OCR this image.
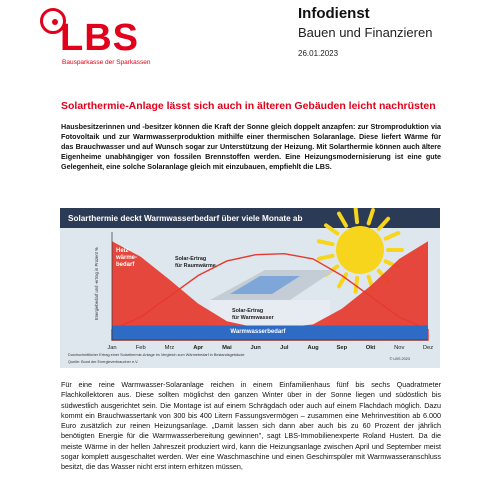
LBS
Bausparkasse der Sparkassen
Infodienst
Bauen und Finanzieren
26.01.2023
Solarthermie-Anlage lässt sich auch in älteren Gebäuden leicht nachrüsten
Hausbesitzerinnen und -besitzer können die Kraft der Sonne gleich doppelt anzapfen: zur Stromproduktion via Fotovoltaik und zur Warmwasserproduktion mithilfe einer thermischen Solaranlage. Diese liefert Wärme für das Brauchwasser und auf Wunsch sogar zur Unterstützung der Heizung. Mit Solarthermie können auch ältere Eigenheime unabhängiger von fossilen Brennstoffen werden. Eine Heizungsmodernisierung ist eine gute Gelegenheit, eine solche Solaranlage gleich mit einzubauen, empfiehlt die LBS.
Solarthermie deckt Warmwasserbedarf über viele Monate ab
Energiebedarf und -ertrag in Prozent %
Jan	Feb	Mrz	Apr	Mai	Jun	Jul	Aug	Sep	Okt	Nov	Dez
Heiz-wärme-bedarf
Solar-Ertrag für Raumwärme
Solar-Ertrag für Warmwasser
Warmwasserbedarf
Durchschnittlicher Ertrag einer Solarthermie-Anlage im Vergleich zum Wärmebedarf in Bestandsgebäude
Quelle: Bund der Energieverbraucher e.V.
© LBS 2023
Für eine reine Warmwasser-Solaranlage reichen in einem Einfamilienhaus fünf bis sechs Quadratmeter Flachkollektoren aus. Diese sollten möglichst den ganzen Winter über in der Sonne liegen und südöstlich bis südwestlich ausgerichtet sein. Die Montage ist auf einem Schrägdach oder auch auf einem Flachdach möglich. Dazu kommt ein Brauchwassertank von 300 bis 400 Litern Fassungsvermögen – zusammen eine Mehrinvestition ab 6.000 Euro zusätzlich zur reinen Heizungsanlage. „Damit lassen sich dann aber auch bis zu 60 Prozent der jährlich benötigten Energie für die Warmwasserbereitung gewinnen", sagt LBS-Immobilienexperte Roland Hustert. Da die meiste Wärme in der hellen Jahreszeit produziert wird, kann die Heizungsanlage zwischen April und September meist sogar komplett ausgeschaltet werden. Wer eine Waschmaschine und einen Geschirrspüler mit Warmwasseranschluss besitzt, die das Wasser nicht erst intern erhitzen müssen,
